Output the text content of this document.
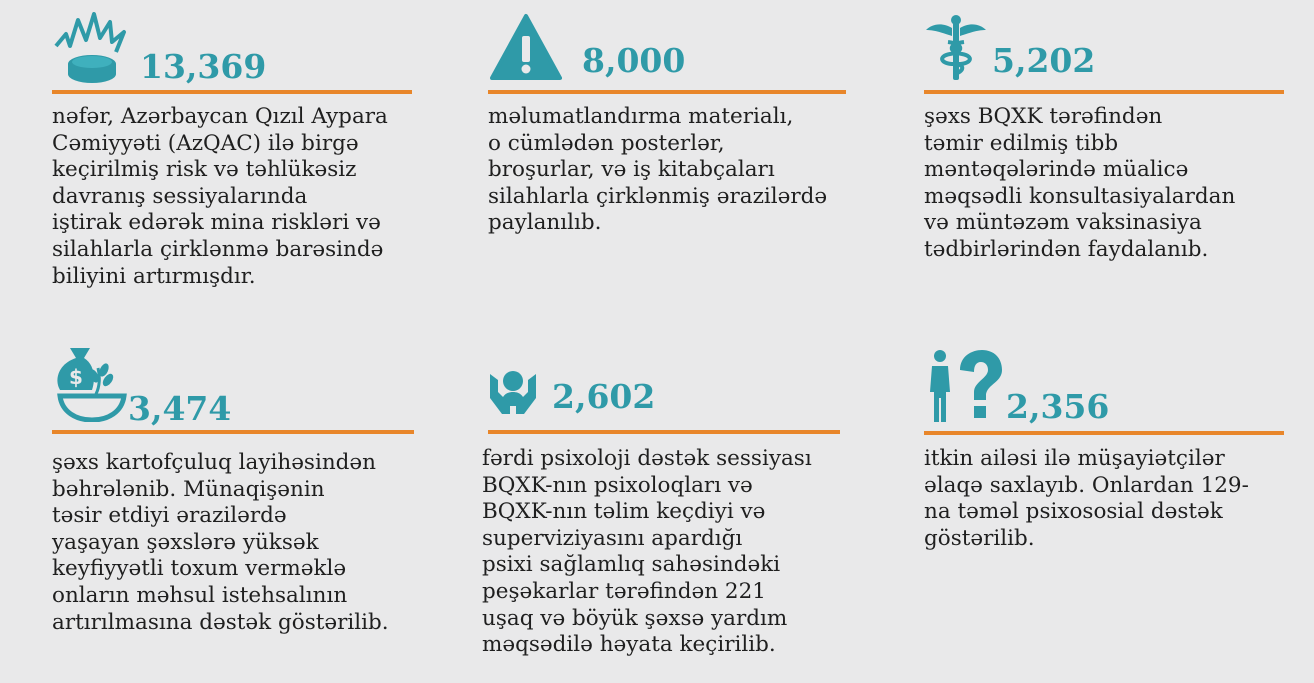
13,369
nəfər, Azərbaycan Qızıl Aypara
Cəmiyyəti (AzQAC) ilə birgə
keçirilmiş risk və təhlükəsiz
davranış sessiyalarında
iştirak edərək mina riskləri və
silahlarla çirklənmə barəsində
biliyini artırmışdır.
8,000
məlumatlandırma materialı,
o cümlədən posterlər,
broşurlar, və iş kitabçaları
silahlarla çirklənmiş ərazilərdə
paylanılıb.
5,202
şəxs BQXK tərəfindən
təmir edilmiş tibb
məntəqələrində müalicə
məqsədli konsultasiyalardan
və müntəzəm vaksinasiya
tədbirlərindən faydalanıb.
$
3,474
şəxs kartofçuluq layihəsindən
bəhrələnib. Münaqişənin
təsir etdiyi ərazilərdə
yaşayan şəxslərə yüksək
keyfiyyətli toxum verməklə
onların məhsul istehsalının
artırılmasına dəstək göstərilib.
2,602
fərdi psixoloji dəstək sessiyası
BQXK-nın psixoloqları və
BQXK-nın təlim keçdiyi və
superviziyasını apardığı
psixi sağlamlıq sahəsindəki
peşəkarlar tərəfindən 221
uşaq və böyük şəxsə yardım
məqsədilə həyata keçirilib.
2,356
itkin ailəsi ilə müşayiətçilər
əlaqə saxlayıb. Onlardan 129-
na təməl psixososial dəstək
göstərilib.
